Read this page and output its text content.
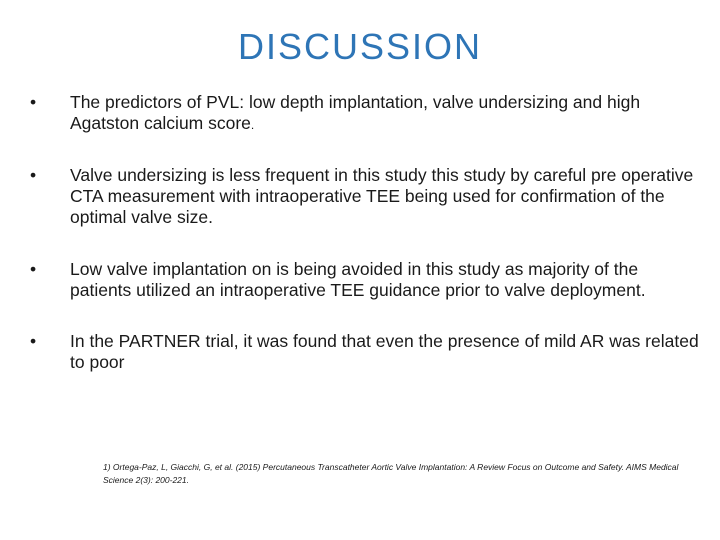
DISCUSSION
•	The predictors of PVL: low depth implantation, valve undersizing and high Agatston calcium score.
•	Valve undersizing is less frequent in this study this study by careful pre operative CTA measurement with intraoperative TEE being used for confirmation of the optimal valve size.
•	Low valve implantation on is being avoided in this study as majority of the patients utilized an intraoperative TEE guidance prior to valve deployment.
•	In the PARTNER trial, it was found that even the presence of mild AR was related to poor
1) Ortega-Paz, L, Giacchi, G, et al. (2015) Percutaneous Transcatheter Aortic Valve Implantation: A Review Focus on Outcome and Safety. AIMS Medical Science 2(3): 200-221.
